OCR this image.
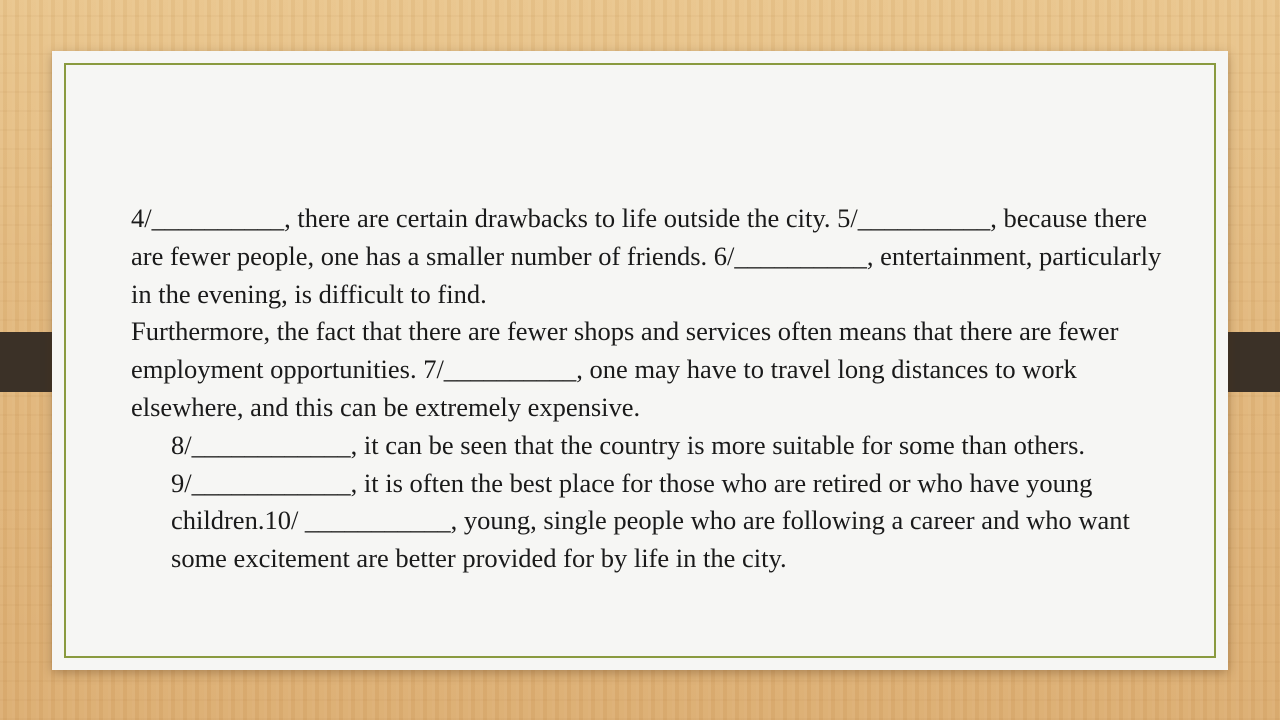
4/__________, there are certain drawbacks to life outside the city. 5/__________, because there are fewer people, one has a smaller number of friends. 6/__________, entertainment, particularly in the evening, is difficult to find.

Furthermore, the fact that there are fewer shops and services often means that there are fewer employment opportunities. 7/__________, one may have to travel long distances to work elsewhere, and this can be extremely expensive.

8/____________, it can be seen that the country is more suitable for some than others. 9/____________, it is often the best place for those who are retired or who have young children.10/ ___________, young, single people who are following a career and who want some excitement are better provided for by life in the city.
